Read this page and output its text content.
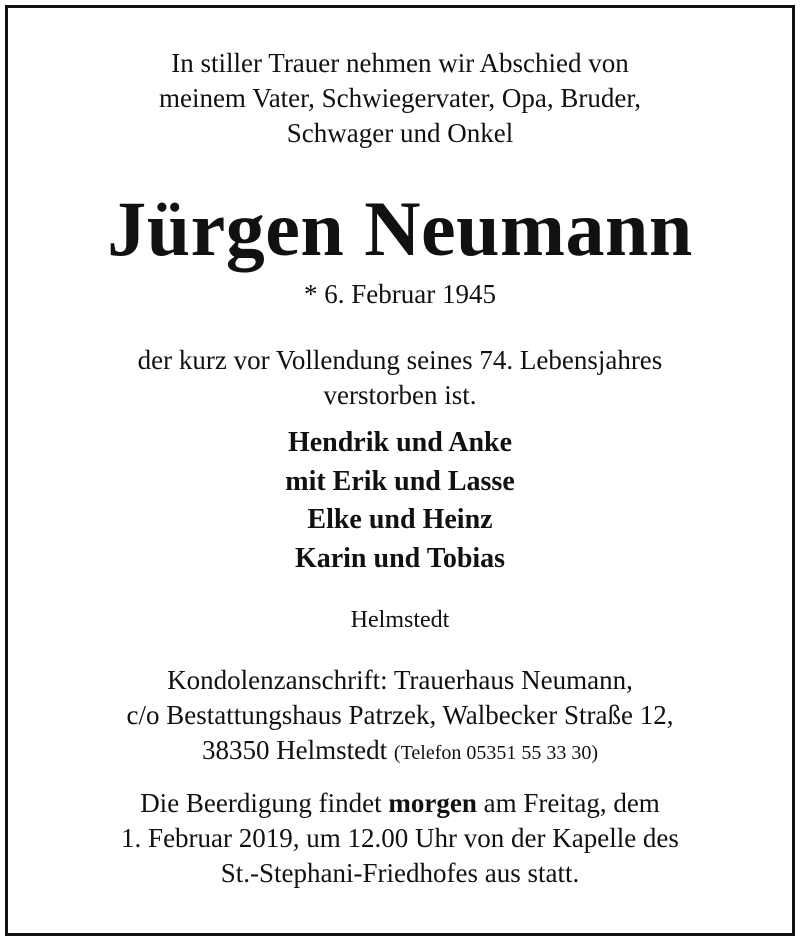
In stiller Trauer nehmen wir Abschied von
meinem Vater, Schwiegervater, Opa, Bruder,
Schwager und Onkel
Jürgen Neumann
* 6. Februar 1945
der kurz vor Vollendung seines 74. Lebensjahres
verstorben ist.
Hendrik und Anke
mit Erik und Lasse
Elke und Heinz
Karin und Tobias
Helmstedt
Kondolenzanschrift: Trauerhaus Neumann,
c/o Bestattungshaus Patrzek, Walbecker Straße 12,
38350 Helmstedt (Telefon 05351 55 33 30)
Die Beerdigung findet morgen am Freitag, dem
1. Februar 2019, um 12.00 Uhr von der Kapelle des
St.-Stephani-Friedhofes aus statt.
